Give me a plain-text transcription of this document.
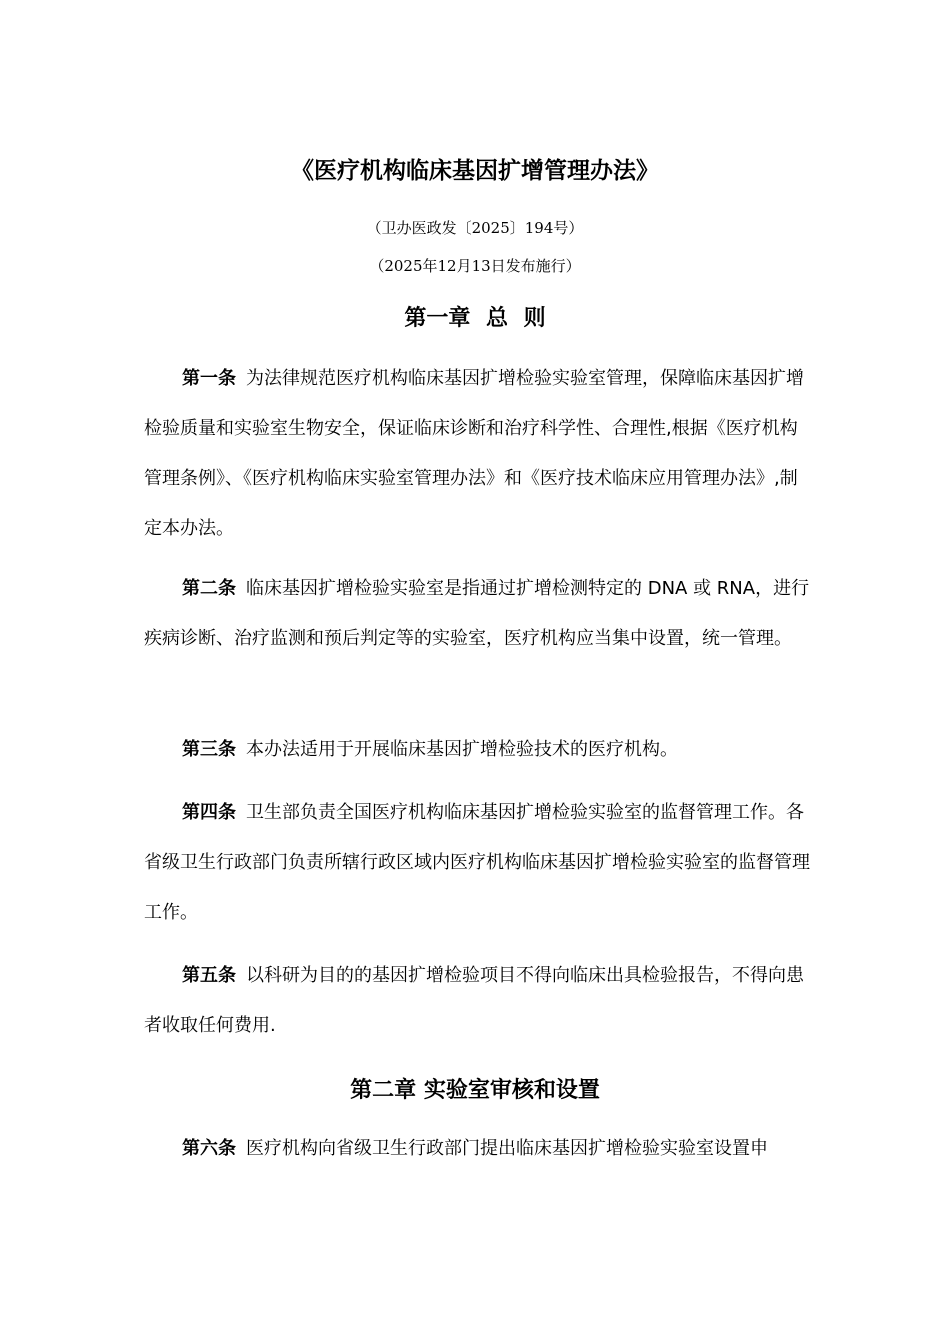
《医疗机构临床基因扩增管理办法》
（卫办医政发〔2025〕194号）
（2025年12月13日发布施行）
第一章 总 则

第一条 为法律规范医疗机构临床基因扩增检验实验室管理，保障临床基因扩增检验质量和实验室生物安全，保证临床诊断和治疗科学性、合理性,根据《医疗机构管理条例》、《医疗机构临床实验室管理办法》和《医疗技术临床应用管理办法》,制定本办法。

第二条 临床基因扩增检验实验室是指通过扩增检测特定的 DNA 或 RNA，进行疾病诊断、治疗监测和预后判定等的实验室，医疗机构应当集中设置，统一管理。

第三条 本办法适用于开展临床基因扩增检验技术的医疗机构。

第四条 卫生部负责全国医疗机构临床基因扩增检验实验室的监督管理工作。各省级卫生行政部门负责所辖行政区域内医疗机构临床基因扩增检验实验室的监督管理工作。

第五条 以科研为目的的基因扩增检验项目不得向临床出具检验报告，不得向患者收取任何费用.

第二章 实验室审核和设置

第六条 医疗机构向省级卫生行政部门提出临床基因扩增检验实验室设置申
